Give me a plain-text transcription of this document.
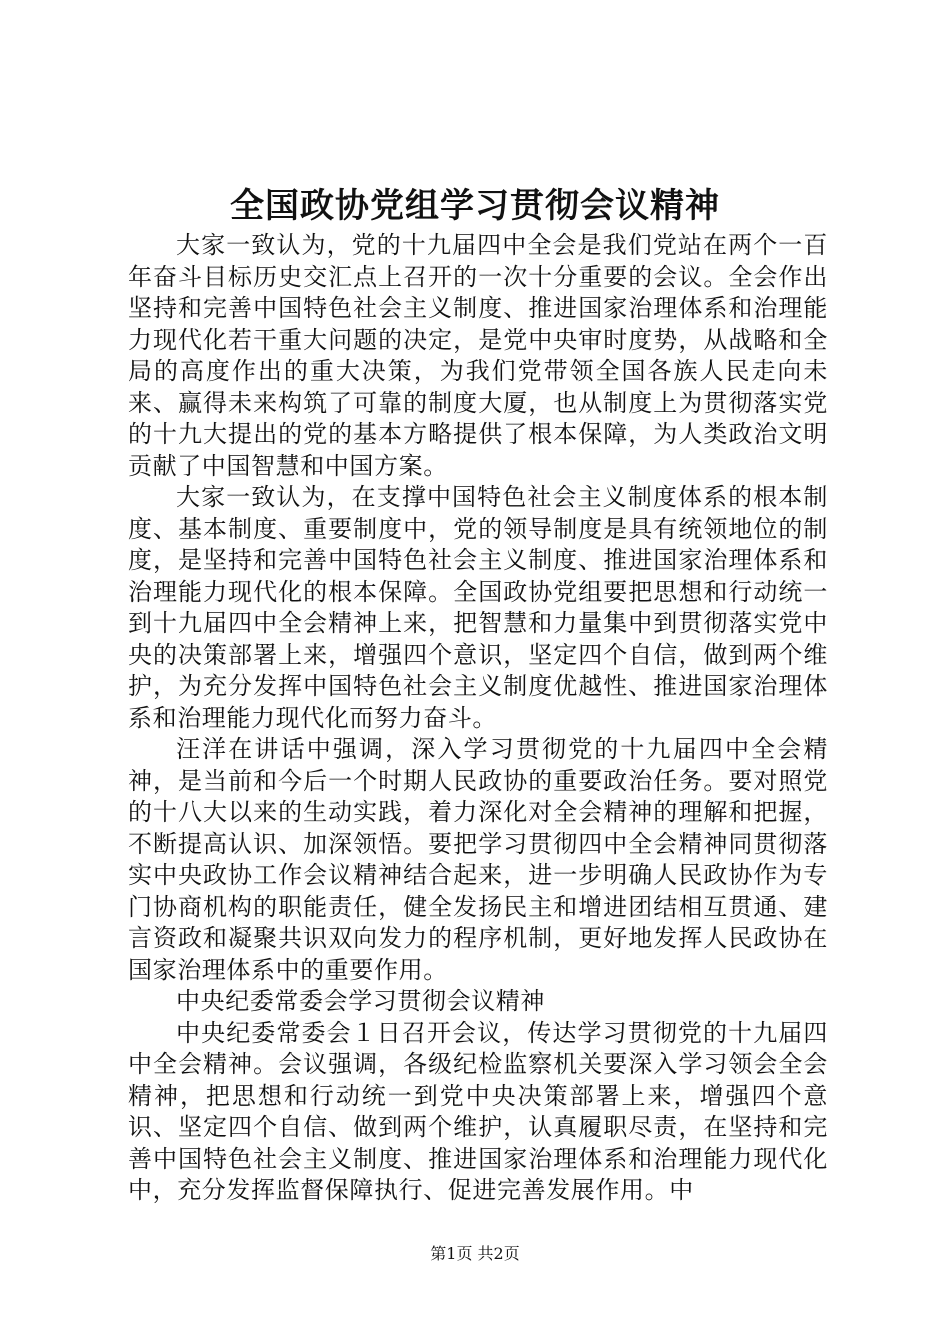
全国政协党组学习贯彻会议精神

大家一致认为，党的十九届四中全会是我们党站在两个一百年奋斗目标历史交汇点上召开的一次十分重要的会议。全会作出坚持和完善中国特色社会主义制度、推进国家治理体系和治理能力现代化若干重大问题的决定，是党中央审时度势，从战略和全局的高度作出的重大决策，为我们党带领全国各族人民走向未来、赢得未来构筑了可靠的制度大厦，也从制度上为贯彻落实党的十九大提出的党的基本方略提供了根本保障，为人类政治文明贡献了中国智慧和中国方案。

大家一致认为，在支撑中国特色社会主义制度体系的根本制度、基本制度、重要制度中，党的领导制度是具有统领地位的制度，是坚持和完善中国特色社会主义制度、推进国家治理体系和治理能力现代化的根本保障。全国政协党组要把思想和行动统一到十九届四中全会精神上来，把智慧和力量集中到贯彻落实党中央的决策部署上来，增强四个意识，坚定四个自信，做到两个维护，为充分发挥中国特色社会主义制度优越性、推进国家治理体系和治理能力现代化而努力奋斗。

汪洋在讲话中强调，深入学习贯彻党的十九届四中全会精神，是当前和今后一个时期人民政协的重要政治任务。要对照党的十八大以来的生动实践，着力深化对全会精神的理解和把握，不断提高认识、加深领悟。要把学习贯彻四中全会精神同贯彻落实中央政协工作会议精神结合起来，进一步明确人民政协作为专门协商机构的职能责任，健全发扬民主和增进团结相互贯通、建言资政和凝聚共识双向发力的程序机制，更好地发挥人民政协在国家治理体系中的重要作用。

中央纪委常委会学习贯彻会议精神

中央纪委常委会１日召开会议，传达学习贯彻党的十九届四中全会精神。会议强调，各级纪检监察机关要深入学习领会全会精神，把思想和行动统一到党中央决策部署上来，增强四个意识、坚定四个自信、做到两个维护，认真履职尽责，在坚持和完善中国特色社会主义制度、推进国家治理体系和治理能力现代化中，充分发挥监督保障执行、促进完善发展作用。中

第1页 共2页
